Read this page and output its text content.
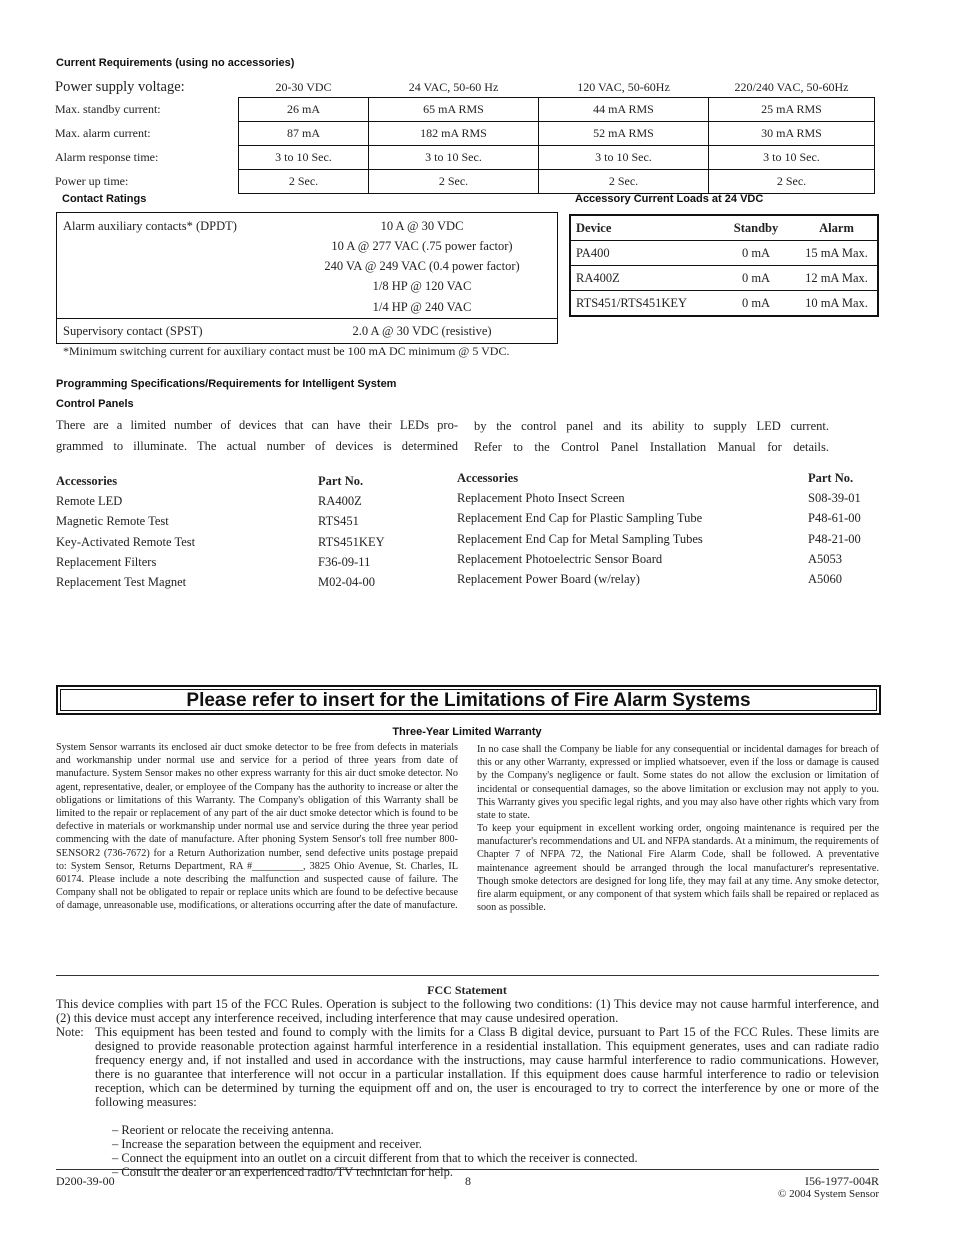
Current Requirements (using no accessories)
Power supply voltage:	20-30 VDC	24 VAC, 50-60 Hz	120 VAC, 50-60Hz	220/240 VAC, 50-60Hz
Max. standby current:	26 mA	65 mA RMS	44 mA RMS	25 mA RMS
Max. alarm current:	87 mA	182 mA RMS	52 mA RMS	30 mA RMS
Alarm response time:	3 to 10 Sec.	3 to 10 Sec.	3 to 10 Sec.	3 to 10 Sec.
Power up time:	2 Sec.	2 Sec.	2 Sec.	2 Sec.
Contact Ratings
Alarm auxiliary contacts* (DPDT)	10 A @ 30 VDC
10 A @ 277 VAC (.75 power factor)
240 VA @ 249 VAC (0.4 power factor)
1/8 HP @ 120 VAC
1/4 HP @ 240 VAC
Supervisory contact (SPST)	2.0 A @ 30 VDC (resistive)
*Minimum switching current for auxiliary contact must be 100 mA DC minimum @ 5 VDC.
Accessory Current Loads at 24 VDC
Device	Standby	Alarm
PA400	0 mA	15 mA Max.
RA400Z	0 mA	12 mA Max.
RTS451/RTS451KEY	0 mA	10 mA Max.
Programming Specifications/Requirements for Intelligent System
Control Panels
There are a limited number of devices that can have their LEDs pro-
grammed to illuminate. The actual number of devices is determined
by the control panel and its ability to supply LED current.
Refer to the Control Panel Installation Manual for details.
Accessories	Part No.
Remote LED	RA400Z
Magnetic Remote Test	RTS451
Key-Activated Remote Test	RTS451KEY
Replacement Filters	F36-09-11
Replacement Test Magnet	M02-04-00
Accessories	Part No.
Replacement Photo Insect Screen	S08-39-01
Replacement End Cap for Plastic Sampling Tube	P48-61-00
Replacement End Cap for Metal Sampling Tubes	P48-21-00
Replacement Photoelectric Sensor Board	A5053
Replacement Power Board (w/relay)	A5060
Please refer to insert for the Limitations of Fire Alarm Systems
Three-Year Limited Warranty
System Sensor warrants its enclosed air duct smoke detector to be free from defects in materials and workmanship under normal use and service for a period of three years from date of manufacture. System Sensor makes no other express warranty for this air duct smoke detector. No agent, representative, dealer, or employee of the Company has the authority to increase or alter the obligations or limitations of this Warranty. The Company's obligation of this Warranty shall be limited to the repair or replacement of any part of the air duct smoke detector which is found to be defective in materials or workmanship under normal use and service during the three year period commencing with the date of manufacture. After phoning System Sensor's toll free number 800-SENSOR2 (736-7672) for a Return Authorization number, send defective units postage prepaid to: System Sensor, Returns Department, RA #__________, 3825 Ohio Avenue, St. Charles, IL 60174. Please include a note describing the malfunction and suspected cause of failure. The Company shall not be obligated to repair or replace units which are found to be defective because of damage, unreasonable use, modifications, or alterations occurring after the date of manufacture.
In no case shall the Company be liable for any consequential or incidental damages for breach of this or any other Warranty, expressed or implied whatsoever, even if the loss or damage is caused by the Company's negligence or fault. Some states do not allow the exclusion or limitation of incidental or consequential damages, so the above limitation or exclusion may not apply to you. This Warranty gives you specific legal rights, and you may also have other rights which vary from state to state.
To keep your equipment in excellent working order, ongoing maintenance is required per the manufacturer's recommendations and UL and NFPA standards. At a minimum, the requirements of Chapter 7 of NFPA 72, the National Fire Alarm Code, shall be followed. A preventative maintenance agreement should be arranged through the local manufacturer's representative. Though smoke detectors are designed for long life, they may fail at any time. Any smoke detector, fire alarm equipment, or any component of that system which fails shall be repaired or replaced as soon as possible.
FCC Statement
This device complies with part 15 of the FCC Rules. Operation is subject to the following two conditions: (1) This device may not cause harmful interference, and (2) this device must accept any interference received, including interference that may cause undesired operation.
Note: This equipment has been tested and found to comply with the limits for a Class B digital device, pursuant to Part 15 of the FCC Rules. These limits are designed to provide reasonable protection against harmful interference in a residential installation. This equipment generates, uses and can radiate radio frequency energy and, if not installed and used in accordance with the instructions, may cause harmful interference to radio communications. However, there is no guarantee that interference will not occur in a particular installation. If this equipment does cause harmful interference to radio or television reception, which can be determined by turning the equipment off and on, the user is encouraged to try to correct the interference by one or more of the following measures:
– Reorient or relocate the receiving antenna.
– Increase the separation between the equipment and receiver.
– Connect the equipment into an outlet on a circuit different from that to which the receiver is connected.
– Consult the dealer or an experienced radio/TV technician for help.
D200-39-00	8	I56-1977-004R
© 2004 System Sensor
